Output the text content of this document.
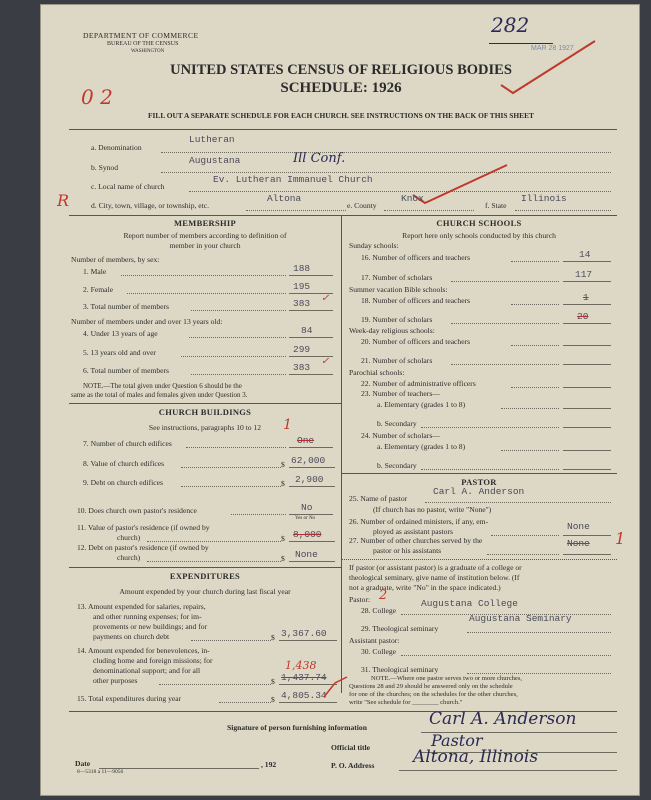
DEPARTMENT OF COMMERCE
BUREAU OF THE CENSUS
WASHINGTON
282
MAR 28 1927
UNITED STATES CENSUS OF RELIGIOUS BODIES
SCHEDULE: 1926
0 2
FILL OUT A SEPARATE SCHEDULE FOR EACH CHURCH. SEE INSTRUCTIONS ON THE BACK OF THIS SHEET
a. Denomination
Lutheran
b. Synod
Augustana	Ill Conf.
c. Local name of church
Ev. Lutheran Immanuel Church
R	d. City, town, village, or township, etc.
Altona
e. County
Knox
f. State
Illinois
MEMBERSHIP
Report number of members according to definition of
member in your church
Number of members, by sex:
1. Male	188
2. Female	195
3. Total number of members	383 ✓
Number of members under and over 13 years old:
4. Under 13 years of age	84
5. 13 years old and over	299
6. Total number of members	383
✓
NOTE.—The total given under Question 6 should be the
same as the total of males and females given under Question 3.
CHURCH BUILDINGS
See instructions, paragraphs 10 to 12	1
7. Number of church edifices	One
8. Value of church edifices	$ 62,000
9. Debt on church edifices	$ 2,900
10. Does church own pastor's residence	No
Yes or No
11. Value of pastor's residence (if owned by
church)	$ 8,000
12. Debt on pastor's residence (if owned by
church)	$ None
EXPENDITURES
Amount expended by your church during last fiscal year
13. Amount expended for salaries, repairs,
and other running expenses; for im-
provements or new buildings; and for
payments on church debt	$ 3,367.60
14. Amount expended for benevolences, in-
cluding home and foreign missions; for
denominational support; and for all
other purposes	$ 1,437.74
1,438
15. Total expenditures during year	$ 4,805.34
CHURCH SCHOOLS
Report here only schools conducted by this church
Sunday schools:
16. Number of officers and teachers	14
17. Number of scholars	117
Summer vacation Bible schools:
18. Number of officers and teachers	1
19. Number of scholars	20
Week-day religious schools:
20. Number of officers and teachers
21. Number of scholars
Parochial schools:
22. Number of administrative officers
23. Number of teachers—
a. Elementary (grades 1 to 8)
b. Secondary
24. Number of scholars—
a. Elementary (grades 1 to 8)
b. Secondary
PASTOR
25. Name of pastor
Carl A. Anderson
(If church has no pastor, write "None")
26. Number of ordained ministers, if any, em-
ployed as assistant pastors	None
27. Number of other churches served by the
pastor or his assistants
None 1
If pastor (or assistant pastor) is a graduate of a college or
theological seminary, give name of institution below. (If
not a graduate, write "No" in the space indicated.)
Pastor: 2
28. College
Augustana College
29. Theological seminary
Augustana Seminary
Assistant pastor:
30. College
31. Theological seminary
NOTE.—Where one pastor serves two or more churches,
Questions 28 and 29 should be answered only on the schedule
for one of the churches; on the schedules for the other churches,
write "See schedule for ________ church."
Signature of person furnishing information	Carl A. Anderson
Official title	Pastor
Date	, 192	P. O. Address Altona, Illinois
8—5318 a 11—9056
